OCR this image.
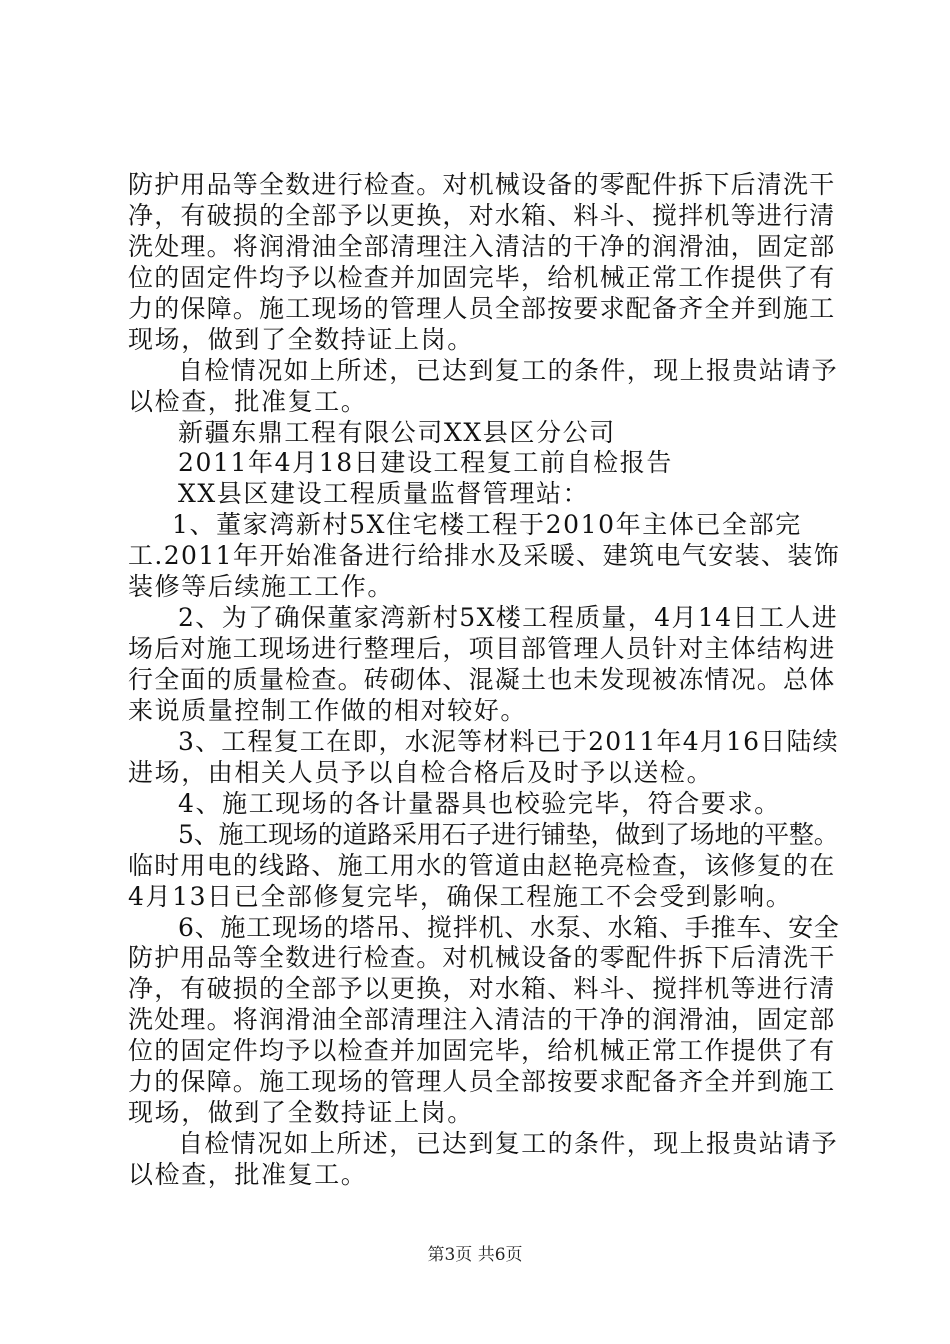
防护用品等全数进行检查。对机械设备的零配件拆下后清洗干
净，有破损的全部予以更换，对水箱、料斗、搅拌机等进行清
洗处理。将润滑油全部清理注入清洁的干净的润滑油，固定部
位的固定件均予以检查并加固完毕，给机械正常工作提供了有
力的保障。施工现场的管理人员全部按要求配备齐全并到施工
现场，做到了全数持证上岗。
自检情况如上所述，已达到复工的条件，现上报贵站请予
以检查，批准复工。
新疆东鼎工程有限公司XX县区分公司
2011年4月18日建设工程复工前自检报告
XX县区建设工程质量监督管理站：
1、董家湾新村5X住宅楼工程于2010年主体已全部完
工.2011年开始准备进行给排水及采暖、建筑电气安装、装饰
装修等后续施工工作。
2、为了确保董家湾新村5X楼工程质量，4月14日工人进
场后对施工现场进行整理后，项目部管理人员针对主体结构进
行全面的质量检查。砖砌体、混凝土也未发现被冻情况。总体
来说质量控制工作做的相对较好。
3、工程复工在即，水泥等材料已于2011年4月16日陆续
进场，由相关人员予以自检合格后及时予以送检。
4、施工现场的各计量器具也校验完毕，符合要求。
5、施工现场的道路采用石子进行铺垫，做到了场地的平整。
临时用电的线路、施工用水的管道由赵艳亮检查，该修复的在
4月13日已全部修复完毕，确保工程施工不会受到影响。
6、施工现场的塔吊、搅拌机、水泵、水箱、手推车、安全
防护用品等全数进行检查。对机械设备的零配件拆下后清洗干
净，有破损的全部予以更换，对水箱、料斗、搅拌机等进行清
洗处理。将润滑油全部清理注入清洁的干净的润滑油，固定部
位的固定件均予以检查并加固完毕，给机械正常工作提供了有
力的保障。施工现场的管理人员全部按要求配备齐全并到施工
现场，做到了全数持证上岗。
自检情况如上所述，已达到复工的条件，现上报贵站请予
以检查，批准复工。
第3页 共6页
